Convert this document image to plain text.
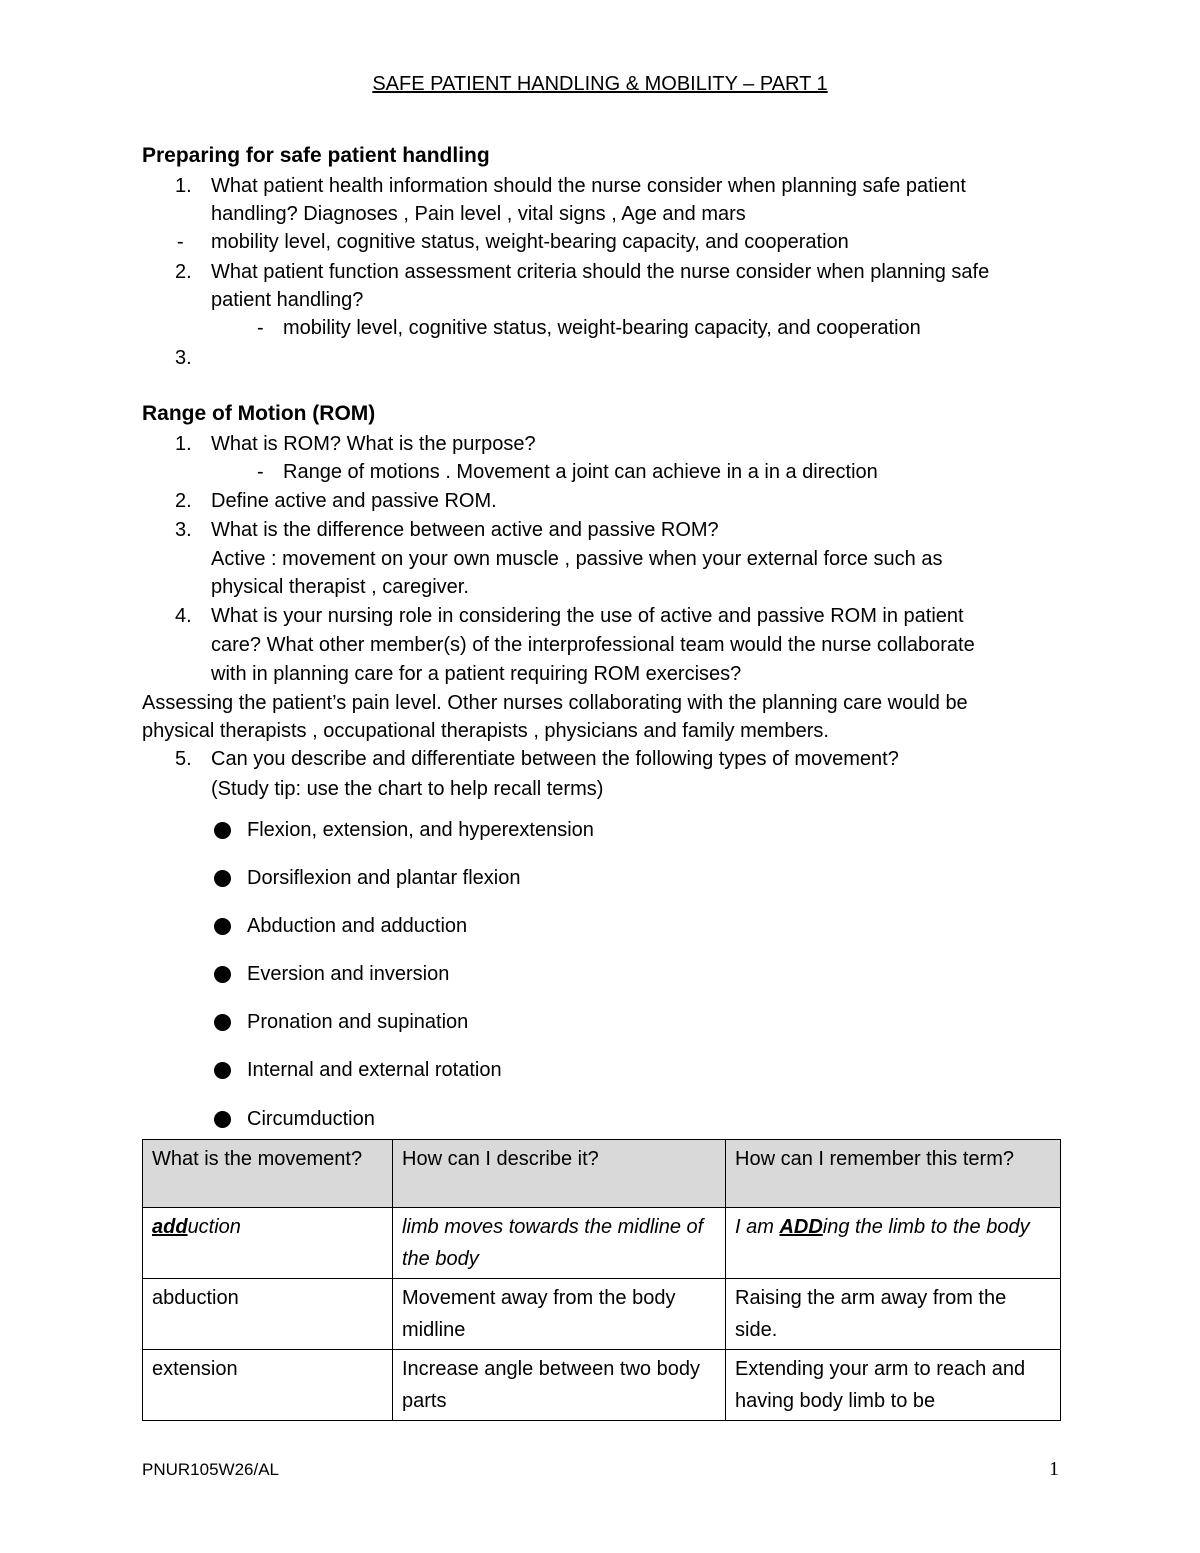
SAFE PATIENT HANDLING & MOBILITY – PART 1
Preparing for safe patient handling
1. What patient health information should the nurse consider when planning safe patient
handling? Diagnoses , Pain level , vital signs , Age and mars
- mobility level, cognitive status, weight-bearing capacity, and cooperation
2. What patient function assessment criteria should the nurse consider when planning safe
patient handling?
- mobility level, cognitive status, weight-bearing capacity, and cooperation
3.
Range of Motion (ROM)
1. What is ROM? What is the purpose?
- Range of motions . Movement a joint can achieve in a in a direction
2. Define active and passive ROM.
3. What is the difference between active and passive ROM?
Active : movement on your own muscle , passive when your external force such as
physical therapist , caregiver.
4. What is your nursing role in considering the use of active and passive ROM in patient
care? What other member(s) of the interprofessional team would the nurse collaborate
with in planning care for a patient requiring ROM exercises?
Assessing the patient’s pain level. Other nurses collaborating with the planning care would be
physical therapists , occupational therapists , physicians and family members.
5. Can you describe and differentiate between the following types of movement?
(Study tip: use the chart to help recall terms)
Flexion, extension, and hyperextension
Dorsiflexion and plantar flexion
Abduction and adduction
Eversion and inversion
Pronation and supination
Internal and external rotation
Circumduction
What is the movement?	How can I describe it?	How can I remember this term?
adduction	limb moves towards the midline of the body	I am ADDing the limb to the body
abduction	Movement away from the body midline	Raising the arm away from the side.
extension	Increase angle between two body parts	Extending your arm to reach and having body limb to be
PNUR105W26/AL	1
